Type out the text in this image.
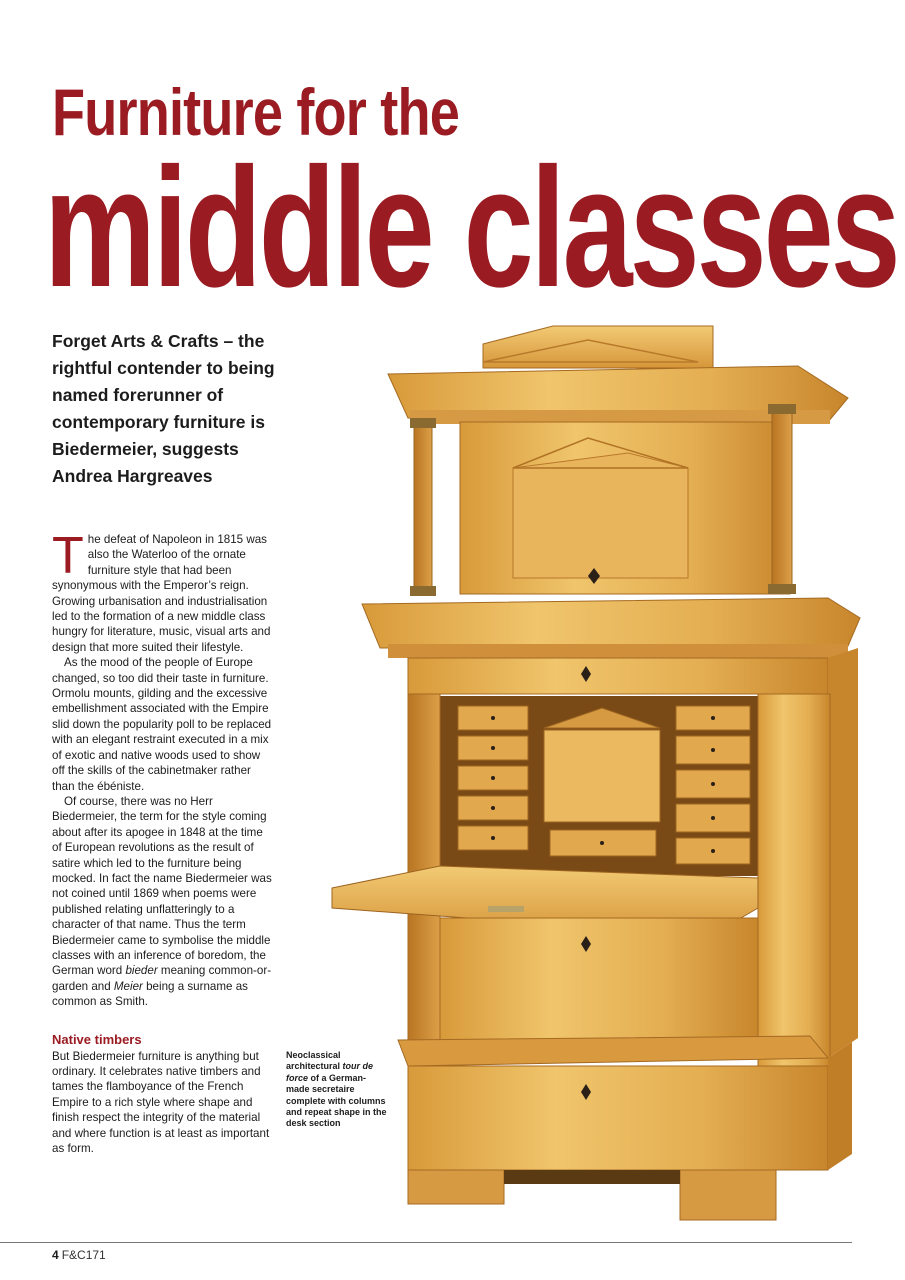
Furniture for the
middle classes

Forget Arts & Crafts – the rightful contender to being named forerunner of contemporary furniture is Biedermeier, suggests Andrea Hargreaves

The defeat of Napoleon in 1815 was also the Waterloo of the ornate furniture style that had been synonymous with the Emperor’s reign. Growing urbanisation and industrialisation led to the formation of a new middle class hungry for literature, music, visual arts and design that more suited their lifestyle.

As the mood of the people of Europe changed, so too did their taste in furniture. Ormolu mounts, gilding and the excessive embellishment associated with the Empire slid down the popularity poll to be replaced with an elegant restraint executed in a mix of exotic and native woods used to show off the skills of the cabinetmaker rather than the ébéniste.

Of course, there was no Herr Biedermeier, the term for the style coming about after its apogee in 1848 at the time of European revolutions as the result of satire which led to the furniture being mocked. In fact the name Biedermeier was not coined until 1869 when poems were published relating unflatteringly to a character of that name. Thus the term Biedermeier came to symbolise the middle classes with an inference of boredom, the German word bieder meaning common-or-garden and Meier being a surname as common as Smith.

Native timbers

But Biedermeier furniture is anything but ordinary. It celebrates native timbers and tames the flamboyance of the French Empire to a rich style where shape and finish respect the integrity of the material and where function is at least as important as form.

Neoclassical architectural tour de force of a German-made secretaire complete with columns and repeat shape in the desk section
4 F&C171
